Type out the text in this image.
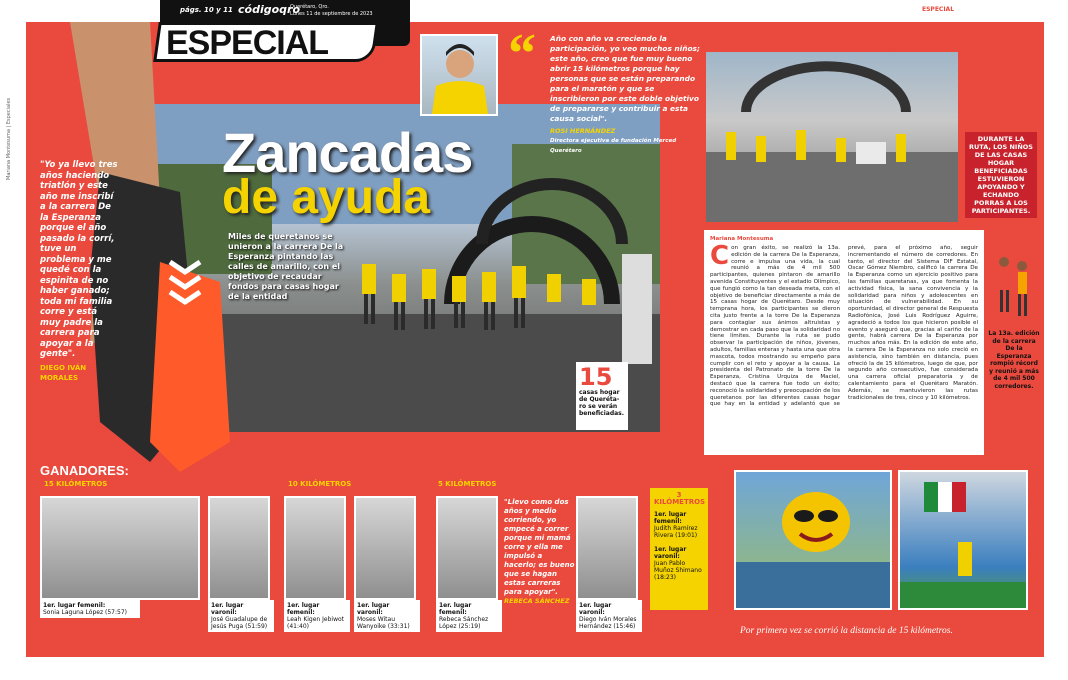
Mariana Montesuma | Especiales
págs. 10 y 11 códigoqro
Querétaro, Qro.
Lunes 11 de septiembre de 2023
ESPECIAL
Querétaro, Qro. lunes 11 de septiembre de 2023	ESPECIAL códigoqro
Zancadas
de ayuda
Miles de queretanos se unieron a la carrera De la Esperanza pintando las calles de amarillo, con el objetivo de recaudar fondos para casas hogar de la entidad
15
casas hogar de Queréta-ro se verán beneficiadas.
"Yo ya llevo tres años haciendo triatlón y este año me inscribí a la carrera De la Esperanza porque el año pasado la corrí, tuve un problema y me quedé con la espinita de no haber ganado; toda mi familia corre y está muy padre la carrera para apoyar a la gente".
DIEGO IVÁN MORALES
“ Año con año va creciendo la participación, yo veo muchos niños; este año, creo que fue muy bueno abrir 15 kilómetros porque hay personas que se están preparando para el maratón y que se inscribieron por este doble objetivo de prepararse y contribuir a esta causa social".
ROSI HERNÁNDEZ
Directora ejecutiva de fundación Merced Querétaro
DURANTE LA RUTA, LOS NIÑOS DE LAS CASAS HOGAR BENEFICIADAS ESTUVIERON APOYANDO Y ECHANDO PORRAS A LOS PARTICIPANTES.
Mariana Montesuma
C on gran éxito, se realizó la 13a. edición de la carrera De la Esperanza, corre e impulsa una vida, la cual reunió a más de 4 mil 500 participantes, quienes pintaron de amarillo avenida Constituyentes y el estadio Olímpico, que fungió como la tan deseada meta, con el objetivo de beneficiar directamente a más de 15 casas hogar de Querétaro. Desde muy temprana hora, los participantes se dieron cita justo frente a la torre De la Esperanza para contagiar sus ánimos altruistas y demostrar en cada paso que la solidaridad no tiene límites. Durante la ruta se pudo observar la participación de niños, jóvenes, adultos, familias enteras y hasta una que otra mascota, todos mostrando su empeño para cumplir con el reto y apoyar a la causa. La presidenta del Patronato de la torre De la Esperanza, Cristina Urquiza de Maciel, destacó que la carrera fue todo un éxito; reconoció la solidaridad y preocupación de los queretanos por las diferentes casas hogar que hay en la entidad y adelantó que se prevé, para el próximo año, seguir incrementando el número de corredores. En tanto, el director del Sistema DIF Estatal, Oscar Gómez Niembro, calificó la carrera De la Esperanza como un ejercicio positivo para las familias queretanas, ya que fomenta la actividad física, la sana convivencia y la solidaridad para niños y adolescentes en situación de vulnerabilidad. En su oportunidad, el director general de Respuesta Radiofónica, José Luis Rodríguez Aguirre, agradeció a todos los que hicieron posible el evento y aseguró que, gracias al cariño de la gente, habrá carrera De la Esperanza por muchos años más. En la edición de este año, la carrera De la Esperanza no solo creció en asistencia, sino también en distancia, pues ofreció la de 15 kilómetros, luego de que, por segundo año consecutivo, fue considerada una carrera oficial preparatoria y de calentamiento para el Querétaro Maratón. Además, se mantuvieron las rutas tradicionales de tres, cinco y 10 kilómetros.
La 13a. edición de la carrera De la Esperanza rompió récord y reunió a más de 4 mil 500 corredores.
GANADORES:
15 KILÓMETROS	10 KILÓMETROS	5 KILÓMETROS
1er. lugar femenil:
Sonia Laguna López (57:57)
1er. lugar varonil:
José Guadalupe de Jesús Puga (51:59)
1er. lugar femenil:
Leah Kigen Jebiwot (41:40)
1er. lugar varonil:
Moses Witau Wanyoike (33:31)
1er. lugar femenil:
Rebeca Sánchez López (25:19)
1er. lugar varonil:
Diego Iván Morales Hernández (15:46)
"Llevo como dos años y medio corriendo, yo empecé a correr porque mi mamá corre y ella me impulsó a hacerlo; es bueno que se hagan estas carreras para apoyar".
REBECA SÁNCHEZ
3 KILÓMETROS
1er. lugar femenil:
Judith Ramírez Rivera (19:01)

1er. lugar varonil:
Juan Pablo Muñoz Shimano (18:23)
Por primera vez se corrió la distancia de 15 kilómetros.
